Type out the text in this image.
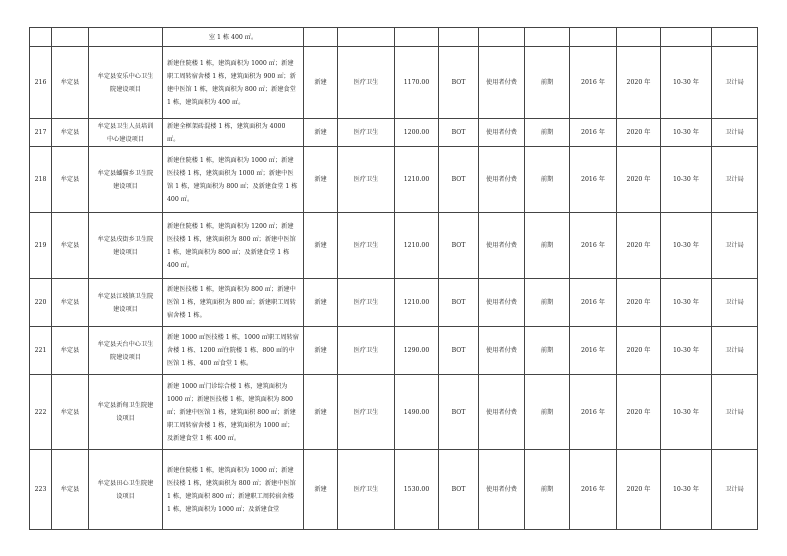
			室 1 栋 400 ㎡。										
216	牟定县	牟定县安乐中心卫生院建设项目	新建住院楼 1 栋，建筑面积为 1000 ㎡；新建职工周转宿舍楼 1 栋，建筑面积为 900 ㎡；新建中医馆 1 栋，建筑面积为 800 ㎡；新建食堂 1 栋，建筑面积为 400 ㎡。	新建	医疗卫生	1170.00	BOT	使用者付费	前期	2016 年	2020 年	10-30 年	卫计局
217	牟定县	牟定县卫生人员培训中心建设项目	新建全框架砖混楼 1 栋，建筑面积为 4000 ㎡。	新建	医疗卫生	1200.00	BOT	使用者付费	前期	2016 年	2020 年	10-30 年	卫计局
218	牟定县	牟定县蟠猫乡卫生院建设项目	新建住院楼 1 栋，建筑面积为 1000 ㎡；新建医技楼 1 栋，建筑面积为 1000 ㎡；新建中医馆 1 栋，建筑面积为 800 ㎡；及新建食堂 1 栋 400 ㎡。	新建	医疗卫生	1210.00	BOT	使用者付费	前期	2016 年	2020 年	10-30 年	卫计局
219	牟定县	牟定县戌街乡卫生院建设项目	新建住院楼 1 栋，建筑面积为 1200 ㎡；新建医技楼 1 栋，建筑面积为 800 ㎡；新建中医馆 1 栋，建筑面积为 800 ㎡；及新建食堂 1 栋 400 ㎡。	新建	医疗卫生	1210.00	BOT	使用者付费	前期	2016 年	2020 年	10-30 年	卫计局
220	牟定县	牟定县江坡镇卫生院建设项目	新建医技楼 1 栋，建筑面积为 800 ㎡；新建中医馆 1 栋，建筑面积为 800 ㎡；新建职工周转宿舍楼 1 栋。	新建	医疗卫生	1210.00	BOT	使用者付费	前期	2016 年	2020 年	10-30 年	卫计局
221	牟定县	牟定县天台中心卫生院建设项目	新建 1000 ㎡医技楼 1 栋，1000 ㎡职工周转宿舍楼 1 栋、1200 ㎡住院楼 1 栋、800 ㎡的中医馆 1 栋、400 ㎡食堂 1 栋。	新建	医疗卫生	1290.00	BOT	使用者付费	前期	2016 年	2020 年	10-30 年	卫计局
222	牟定县	牟定县新甸卫生院建设项目	新建 1000 ㎡门诊综合楼 1 栋，建筑面积为 1000 ㎡；新建医技楼 1 栋，建筑面积为 800 ㎡；新建中医馆 1 栋，建筑面积 800 ㎡；新建职工周转宿舍楼 1 栋，建筑面积为 1000 ㎡；及新建食堂 1 栋 400 ㎡。	新建	医疗卫生	1490.00	BOT	使用者付费	前期	2016 年	2020 年	10-30 年	卫计局
223	牟定县	牟定县田心卫生院建设项目	新建住院楼 1 栋，建筑面积为 1000 ㎡；新建医技楼 1 栋，建筑面积为 800 ㎡；新建中医馆 1 栋，建筑面积 800 ㎡；新建职工周转宿舍楼 1 栋，建筑面积为 1000 ㎡；及新建食堂	新建	医疗卫生	1530.00	BOT	使用者付费	前期	2016 年	2020 年	10-30 年	卫计局
